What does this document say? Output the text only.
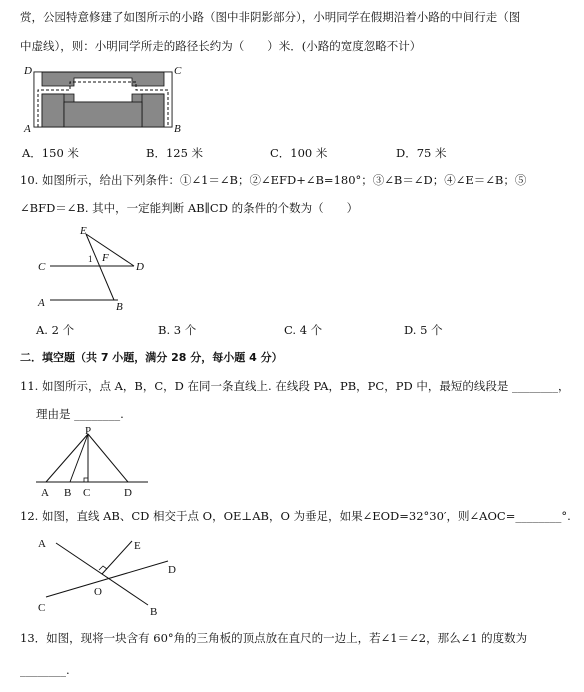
赏，公园特意修建了如图所示的小路（图中非阴影部分），小明同学在假期沿着小路的中间行走（图
中虚线），则：小明同学所走的路径长约为（　　）米．(小路的宽度忽略不计）
D	C
A	B
A．150 米	B．125 米	C．100 米	D．75 米
10. 如图所示，给出下列条件：①∠1＝∠B；②∠EFD+∠B=180°；③∠B＝∠D；④∠E＝∠B；⑤
∠BFD＝∠B. 其中，一定能判断 AB∥CD 的条件的个数为（　　）
E
1 F
C	D
A	B
A. 2 个	B. 3 个	C. 4 个	D. 5 个
二．填空题（共 7 小题，满分 28 分，每小题 4 分）
11. 如图所示，点 A，B，C，D 在同一条直线上. 在线段 PA，PB，PC，PD 中，最短的线段是 ________，
理由是 ________.
P
A B C	D
12. 如图，直线 AB、CD 相交于点 O，OE⊥AB，O 为垂足，如果∠EOD=32°30′，则∠AOC=________°.
A	E
D
O
C	B
13．如图，现将一块含有 60°角的三角板的顶点放在直尺的一边上，若∠1＝∠2，那么∠1 的度数为
________.
